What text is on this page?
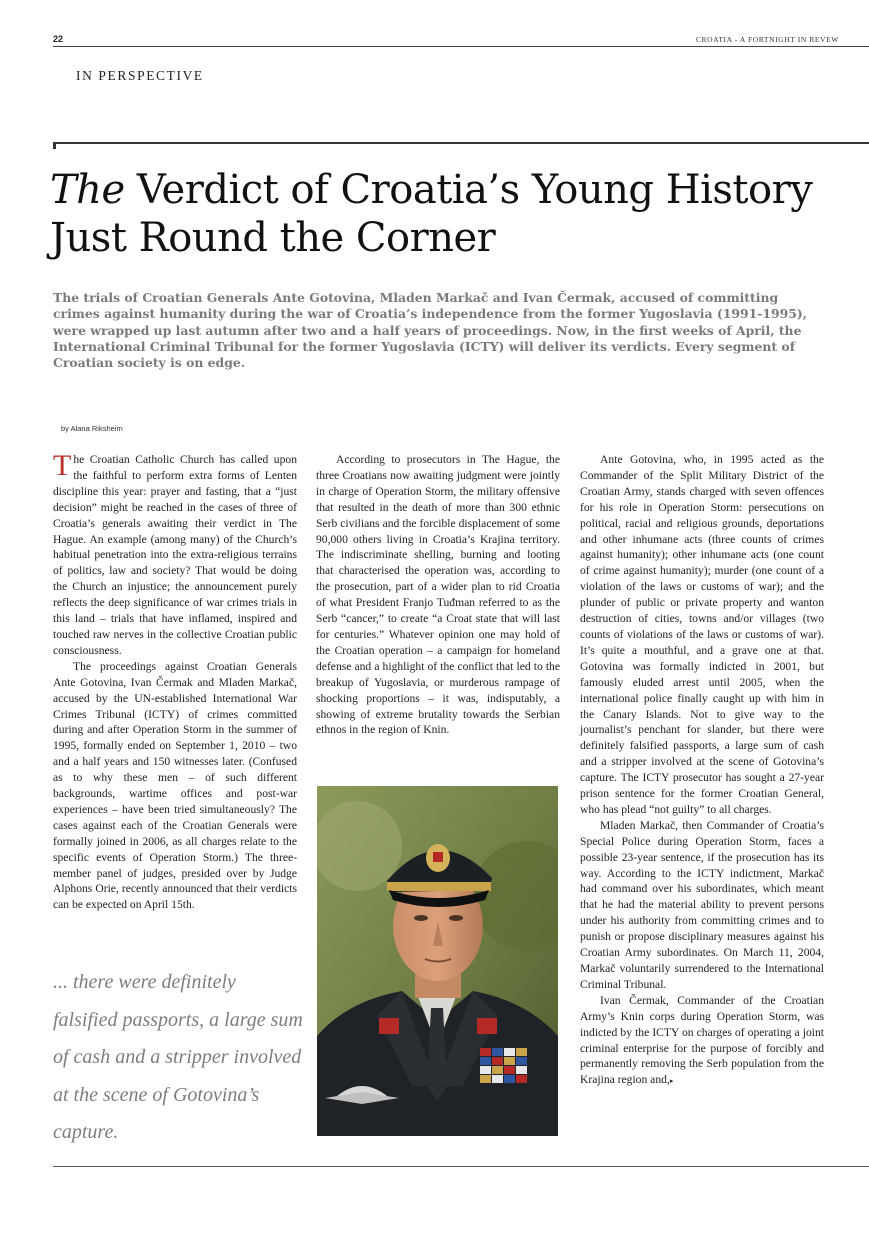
22	CROATIA - A FORTNIGHT IN REVEW
IN PERSPECTIVE
The Verdict of Croatia’s Young History Just Round the Corner
The trials of Croatian Generals Ante Gotovina, Mladen Markač and Ivan Čermak, accused of committing crimes against humanity during the war of Croatia’s independence from the former Yugoslavia (1991-1995), were wrapped up last autumn after two and a half years of proceedings. Now, in the first weeks of April, the International Criminal Tribunal for the former Yugoslavia (ICTY) will deliver its verdicts. Every segment of Croatian society is on edge.
by Alana Riksheim

The Croatian Catholic Church has called upon the faithful to perform extra forms of Lenten discipline this year: prayer and fasting, that a “just decision” might be reached in the cases of three of Croatia’s generals awaiting their verdict in The Hague. An example (among many) of the Church’s habitual penetration into the extra-religious terrains of politics, law and society? That would be doing the Church an injustice; the announcement purely reflects the deep significance of war crimes trials in this land – trials that have inflamed, inspired and touched raw nerves in the collective Croatian public consciousness.

The proceedings against Croatian Generals Ante Gotovina, Ivan Čermak and Mladen Markač, accused by the UN-established International War Crimes Tribunal (ICTY) of crimes committed during and after Operation Storm in the summer of 1995, formally ended on September 1, 2010 – two and a half years and 150 witnesses later. (Confused as to why these men – of such different backgrounds, wartime offices and post-war experiences – have been tried simultaneously? The cases against each of the Croatian Generals were formally joined in 2006, as all charges relate to the specific events of Operation Storm.) The three-member panel of judges, presided over by Judge Alphons Orie, recently announced that their verdicts can be expected on April 15th.

... there were definitely falsified passports, a large sum of cash and a stripper involved at the scene of Gotovina’s capture.

According to prosecutors in The Hague, the three Croatians now awaiting judgment were jointly in charge of Operation Storm, the military offensive that resulted in the death of more than 300 ethnic Serb civilians and the forcible displacement of some 90,000 others living in Croatia’s Krajina territory. The indiscriminate shelling, burning and looting that characterised the operation was, according to the prosecution, part of a wider plan to rid Croatia of what President Franjo Tuđman referred to as the Serb “cancer,” to create “a Croat state that will last for centuries.” Whatever opinion one may hold of the Croatian operation – a campaign for homeland defense and a highlight of the conflict that led to the breakup of Yugoslavia, or murderous rampage of shocking proportions – it was, indisputably, a showing of extreme brutality towards the Serbian ethnos in the region of Knin.

Ante Gotovina, who, in 1995 acted as the Commander of the Split Military District of the Croatian Army, stands charged with seven offences for his role in Operation Storm: persecutions on political, racial and religious grounds, deportations and other inhumane acts (three counts of crimes against humanity); other inhumane acts (one count of crime against humanity); murder (one count of a violation of the laws or customs of war); and the plunder of public or private property and wanton destruction of cities, towns and/or villages (two counts of violations of the laws or customs of war). It’s quite a mouthful, and a grave one at that. Gotovina was formally indicted in 2001, but famously eluded arrest until 2005, when the international police finally caught up with him in the Canary Islands. Not to give way to the journalist’s penchant for slander, but there were definitely falsified passports, a large sum of cash and a stripper involved at the scene of Gotovina’s capture. The ICTY prosecutor has sought a 27-year prison sentence for the former Croatian General, who has plead “not guilty” to all charges.

Mladen Markač, then Commander of Croatia’s Special Police during Operation Storm, faces a possible 23-year sentence, if the prosecution has its way. According to the ICTY indictment, Markač had command over his subordinates, which meant that he had the material ability to prevent persons under his authority from committing crimes and to punish or propose disciplinary measures against his Croatian Army subordinates. On March 11, 2004, Markač voluntarily surrendered to the International Criminal Tribunal.

Ivan Čermak, Commander of the Croatian Army’s Knin corps during Operation Storm, was indicted by the ICTY on charges of operating a joint criminal enterprise for the purpose of forcibly and permanently removing the Serb population from the Krajina region and,▸
